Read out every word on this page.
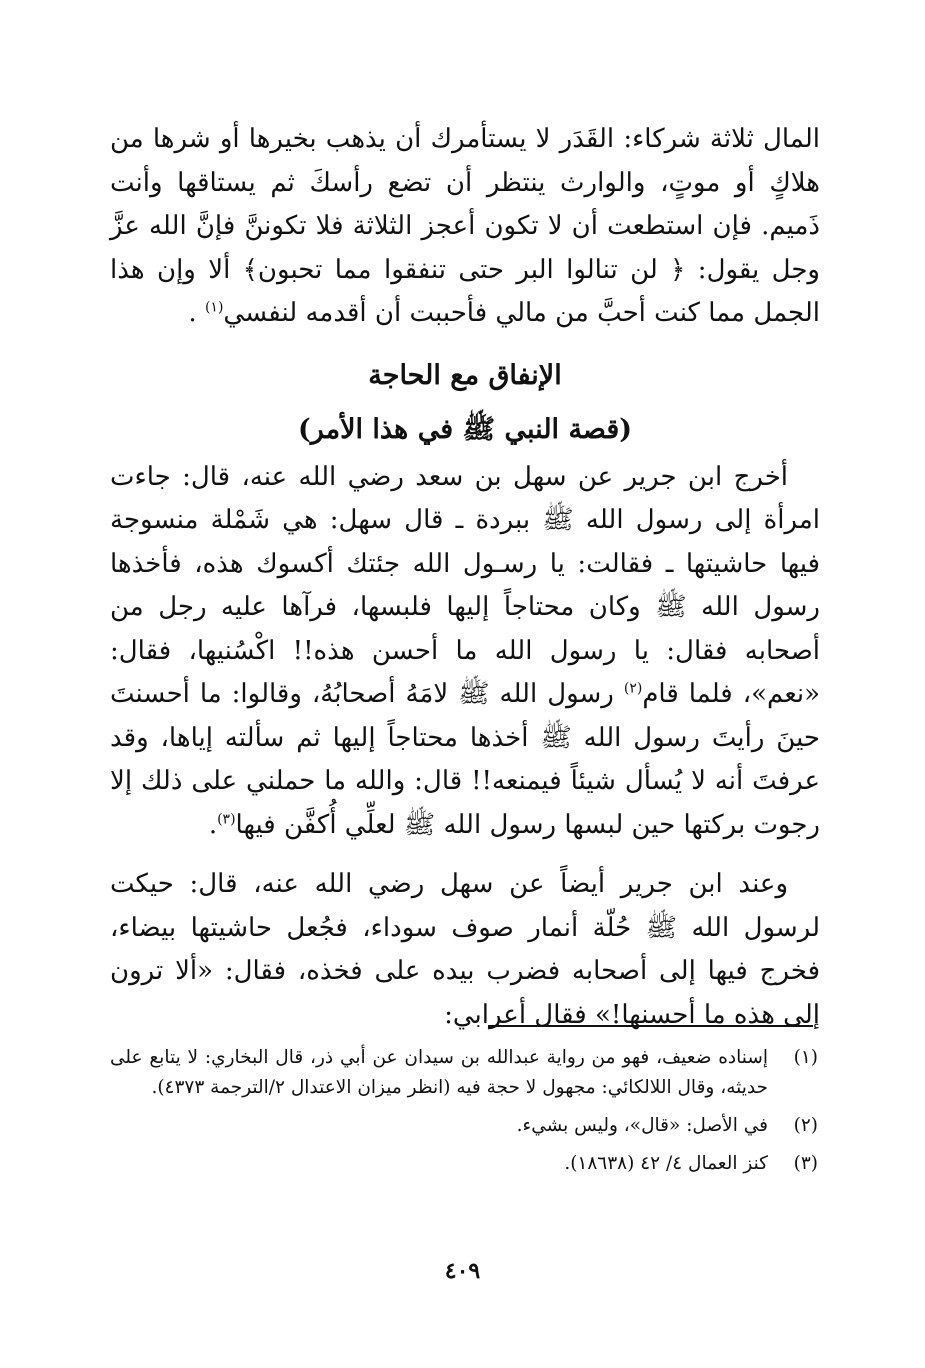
المال ثلاثة شركاء: القَدَر لا يستأمرك أن يذهب بخيرها أو شرها من هلاكٍ أو موتٍ، والوارث ينتظر أن تضع رأسكَ ثم يستاقها وأنت ذَميم. فإن استطعت أن لا تكون أعجز الثلاثة فلا تكوننَّ فإنَّ الله عزَّ وجل يقول: ﴿ لن تنالوا البر حتى تنفقوا مما تحبون﴾ ألا وإن هذا الجمل مما كنت أحبَّ من مالي فأحببت أن أقدمه لنفسي$^{(١)}$ .

الإنفاق مع الحاجة
(قصة النبي ﷺ في هذا الأمر)

أخرج ابن جرير عن سهل بن سعد رضي الله عنه، قال: جاءت امرأة إلى رسول الله ﷺ ببردة ـ قال سهل: هي شَمْلة منسوجة فيها حاشيتها ـ فقالت: يا رسـول الله جئتك أكسوك هذه، فأخذها رسول الله ﷺ وكان محتاجاً إليها فلبسها، فرآها عليه رجل من أصحابه فقال: يا رسول الله ما أحسن هذه!! اكْسُنيها، فقال: «نعم»، فلما قام$^{(٢)}$ رسول الله ﷺ لامَهُ أصحابُهُ، وقالوا: ما أحسنتَ حينَ رأيتَ رسول الله ﷺ أخذها محتاجاً إليها ثم سألته إياها، وقد عرفتَ أنه لا يُسأل شيئاً فيمنعه!! قال: والله ما حملني على ذلك إلا رجوت بركتها حين لبسها رسول الله ﷺ لعلِّي أُكفَّن فيها$^{(٣)}$.

وعند ابن جرير أيضاً عن سهل رضي الله عنه، قال: حيكت لرسول الله ﷺ حُلّة أنمار صوف سوداء، فجُعل حاشيتها بيضاء، فخرج فيها إلى أصحابه فضرب بيده على فخذه، فقال: «ألا ترون إلى هذه ما أحسنها!» فقال أعرابي:

(١)
إسناده ضعيف، فهو من رواية عبدالله بن سيدان عن أبي ذر، قال البخاري: لا يتابع على حديثه، وقال اللالكائي: مجهول لا حجة فيه (انظر ميزان الاعتدال ٢/الترجمة ٤٣٧٣).
(٢)
في الأصل: «قال»، وليس بشيء.
(٣)
كنز العمال ٤/ ٤٢ (١٨٦٣٨).
٤٠٩
